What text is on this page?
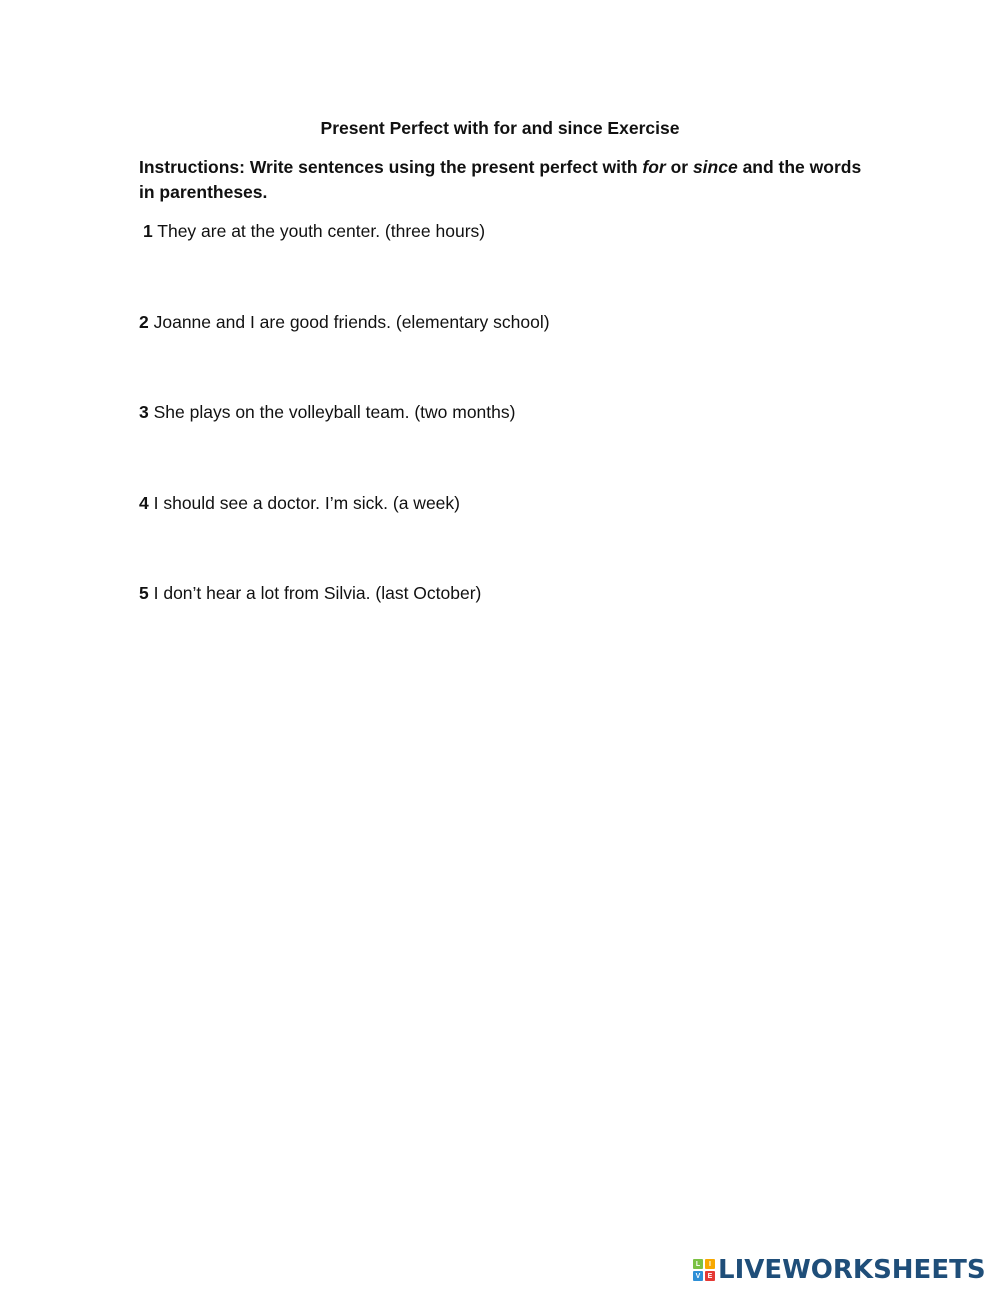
Present Perfect with for and since Exercise
Instructions: Write sentences using the present perfect with for or since and the words in parentheses.
1 They are at the youth center. (three hours)
2 Joanne and I are good friends. (elementary school)
3 She plays on the volleyball team. (two months)
4 I should see a doctor. I’m sick. (a week)
5 I don’t hear a lot from Silvia. (last October)
L	I
V	E LIVEWORKSHEETS
